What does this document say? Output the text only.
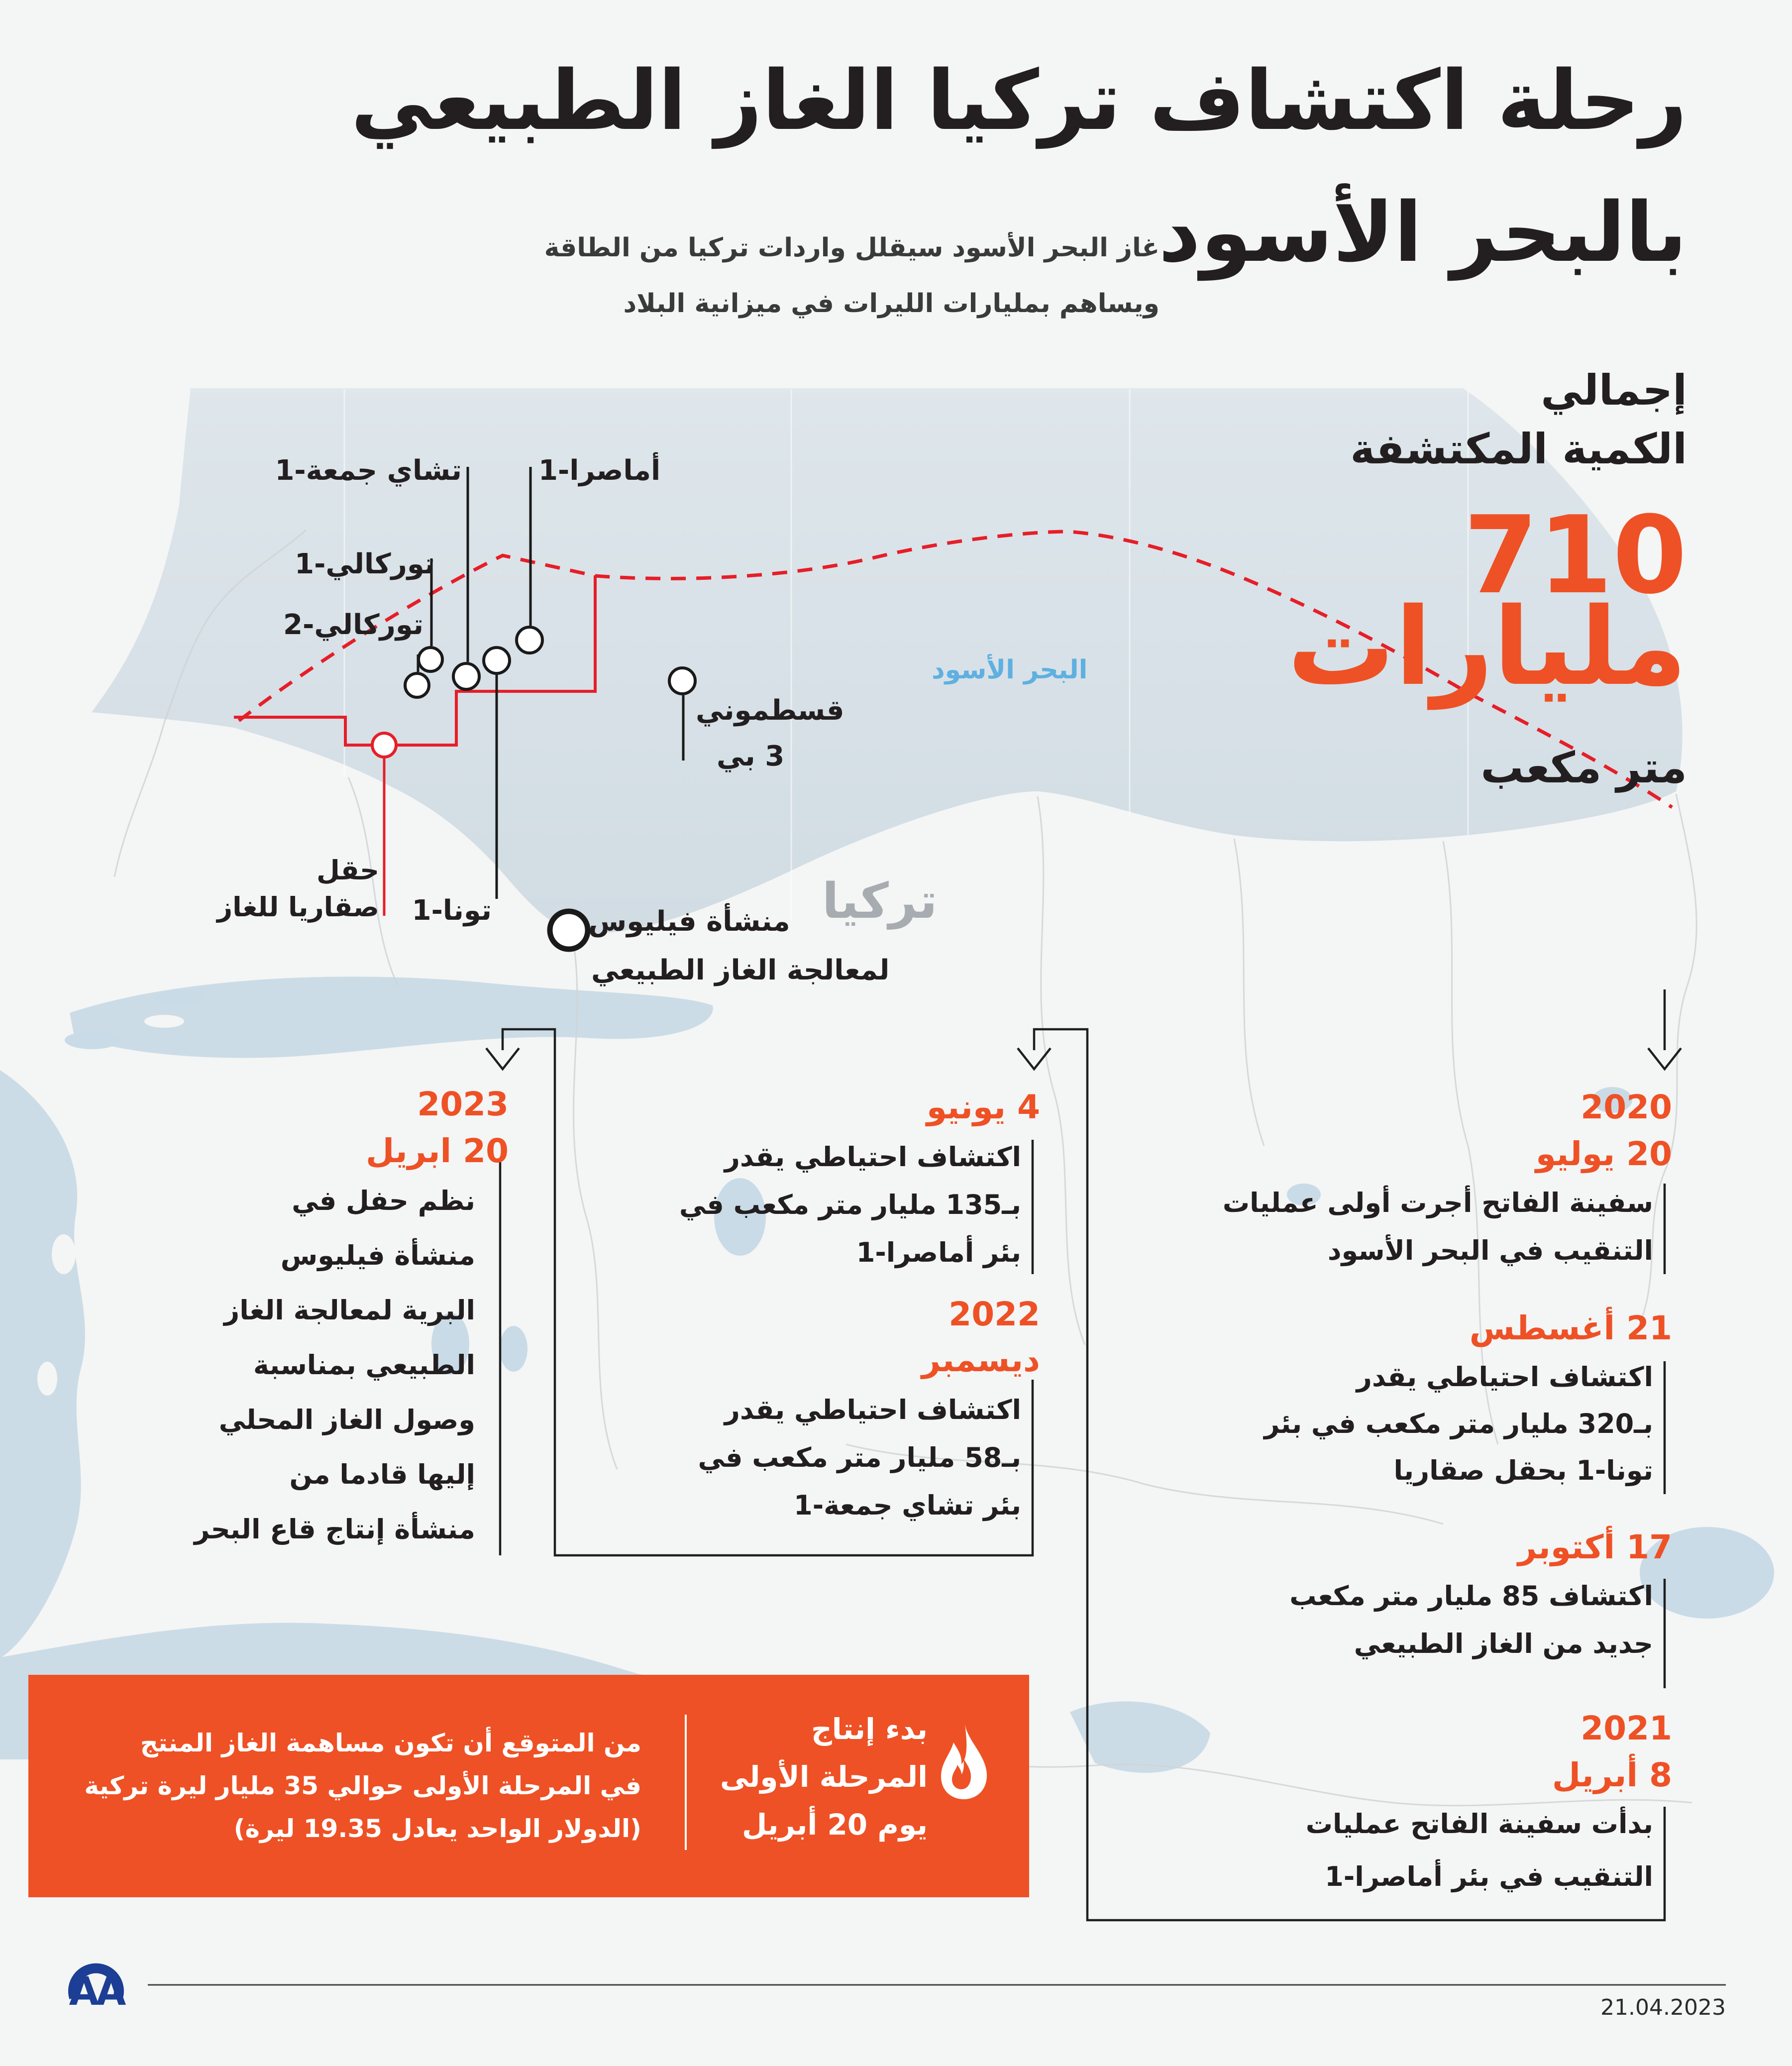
AA
رحلة اكتشاف تركيا الغاز الطبيعي
بالبحر الأسود
غاز البحر الأسود سيقلل واردات تركيا من الطاقة
ويساهم بمليارات الليرات في ميزانية البلاد
إجمالي
الكمية المكتشفة
710
مليارات
متر مكعب
تشاي جمعة-1	أماصرا-1
توركالي-1
توركالي-2
تونا-1
قسطموني
3 بي
حقل
صقاريا للغاز	منشأة فيليوس
لمعالجة الغاز الطبيعي
البحر الأسود
تركيا
2020
20 يوليو
سفينة الفاتح أجرت أولى عمليات
التنقيب في البحر الأسود
21 أغسطس
اكتشاف احتياطي يقدر
بـ320 مليار متر مكعب في بئر
تونا-1 بحقل صقاريا
17 أكتوبر
اكتشاف 85 مليار متر مكعب
جديد من الغاز الطبيعي
2021
8 أبريل
بدأت سفينة الفاتح عمليات
التنقيب في بئر أماصرا-1
4 يونيو
اكتشاف احتياطي يقدر
بـ135 مليار متر مكعب في
بئر أماصرا-1
2022
ديسمبر
اكتشاف احتياطي يقدر
بـ58 مليار متر مكعب في
بئر تشاي جمعة-1
2023
20 ابريل
نظم حفل في
منشأة فيليوس
البرية لمعالجة الغاز
الطبيعي بمناسبة
وصول الغاز المحلي
إليها قادما من
منشأة إنتاج قاع البحر
بدء إنتاج
المرحلة الأولى
يوم 20 أبريل
من المتوقع أن تكون مساهمة الغاز المنتج
في المرحلة الأولى حوالي 35 مليار ليرة تركية
(الدولار الواحد يعادل 19.35 ليرة)
21.04.2023
